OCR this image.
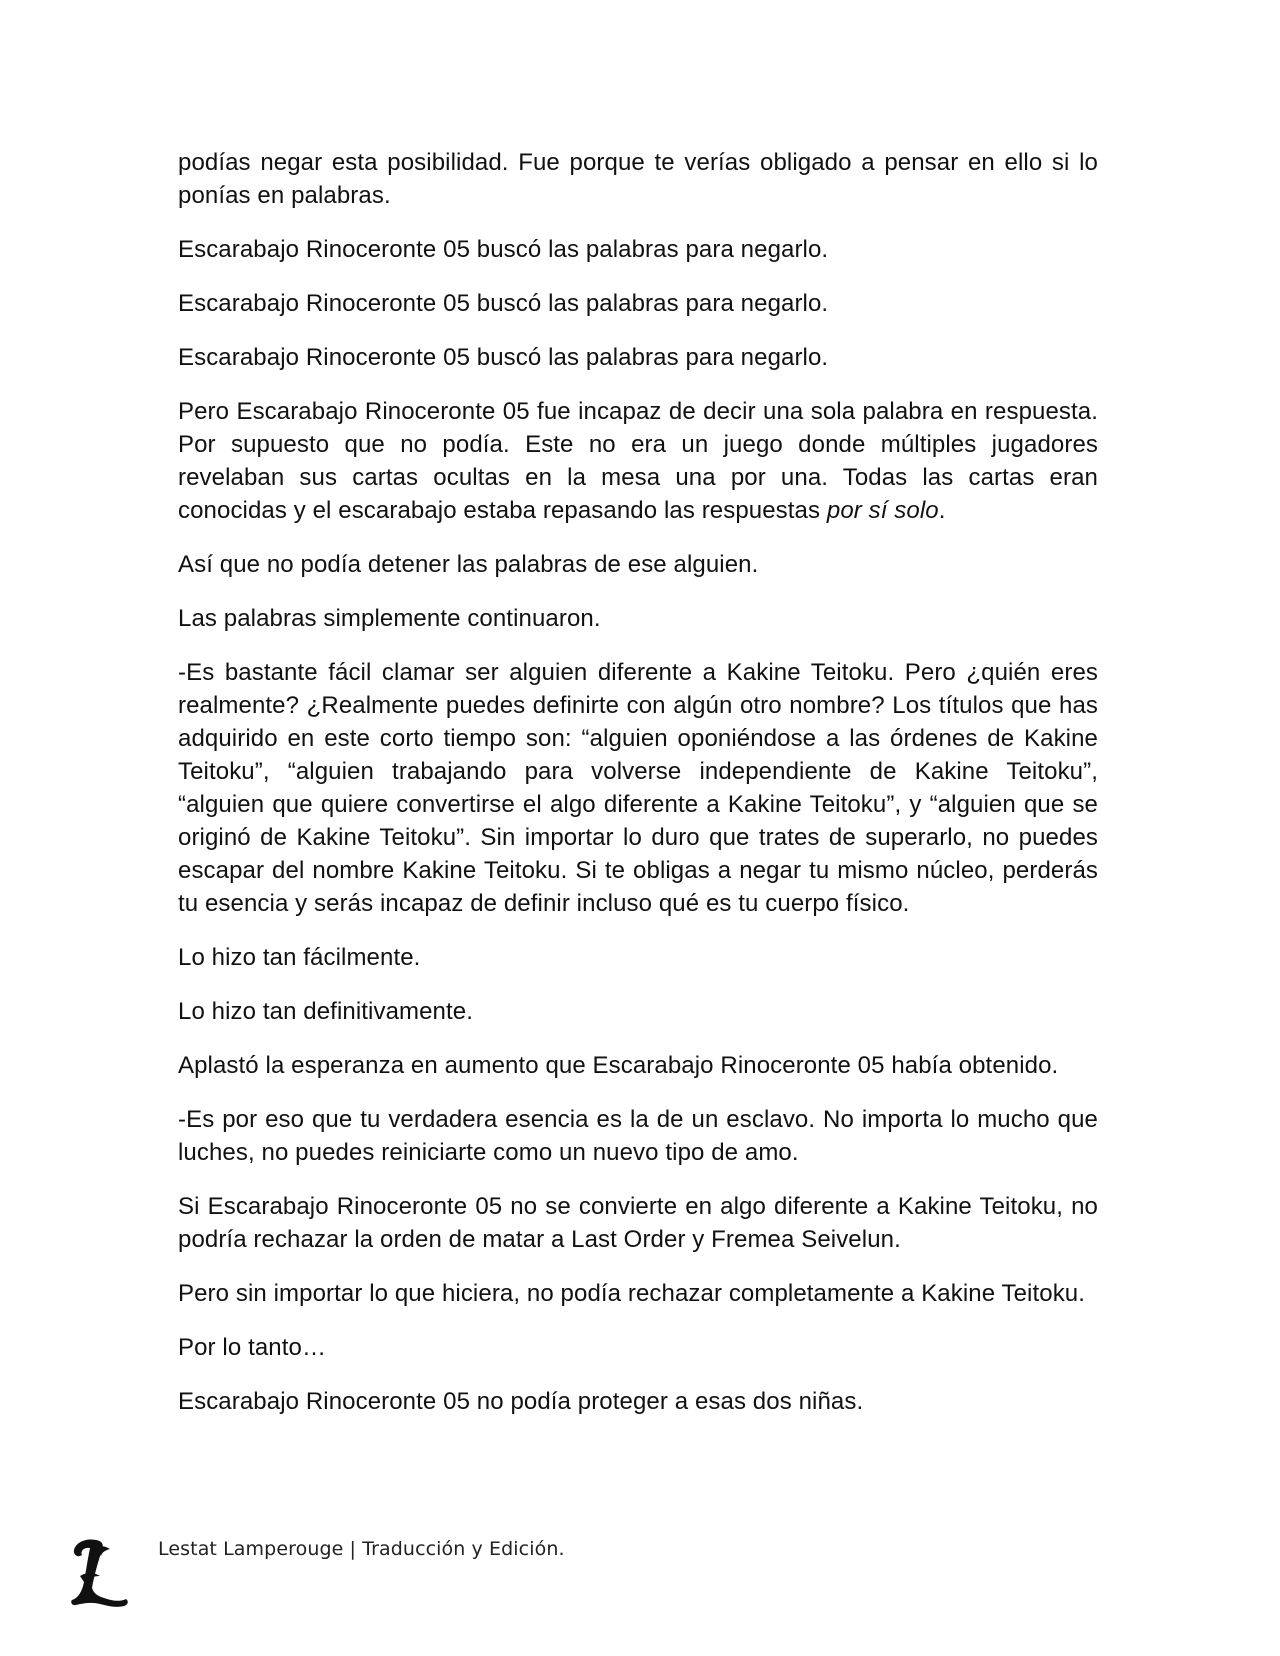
podías negar esta posibilidad. Fue porque te verías obligado a pensar en ello si lo ponías en palabras.

Escarabajo Rinoceronte 05 buscó las palabras para negarlo.

Escarabajo Rinoceronte 05 buscó las palabras para negarlo.

Escarabajo Rinoceronte 05 buscó las palabras para negarlo.

Pero Escarabajo Rinoceronte 05 fue incapaz de decir una sola palabra en respuesta. Por supuesto que no podía. Este no era un juego donde múltiples jugadores revelaban sus cartas ocultas en la mesa una por una. Todas las cartas eran conocidas y el escarabajo estaba repasando las respuestas por sí solo.

Así que no podía detener las palabras de ese alguien.

Las palabras simplemente continuaron.

-Es bastante fácil clamar ser alguien diferente a Kakine Teitoku. Pero ¿quién eres realmente? ¿Realmente puedes definirte con algún otro nombre? Los títulos que has adquirido en este corto tiempo son: “alguien oponiéndose a las órdenes de Kakine Teitoku”, “alguien trabajando para volverse independiente de Kakine Teitoku”, “alguien que quiere convertirse el algo diferente a Kakine Teitoku”, y “alguien que se originó de Kakine Teitoku”. Sin importar lo duro que trates de superarlo, no puedes escapar del nombre Kakine Teitoku. Si te obligas a negar tu mismo núcleo, perderás tu esencia y serás incapaz de definir incluso qué es tu cuerpo físico.

Lo hizo tan fácilmente.

Lo hizo tan definitivamente.

Aplastó la esperanza en aumento que Escarabajo Rinoceronte 05 había obtenido.

-Es por eso que tu verdadera esencia es la de un esclavo. No importa lo mucho que luches, no puedes reiniciarte como un nuevo tipo de amo.

Si Escarabajo Rinoceronte 05 no se convierte en algo diferente a Kakine Teitoku, no podría rechazar la orden de matar a Last Order y Fremea Seivelun.

Pero sin importar lo que hiciera, no podía rechazar completamente a Kakine Teitoku.

Por lo tanto…

Escarabajo Rinoceronte 05 no podía proteger a esas dos niñas.

Lestat Lamperouge | Traducción y Edición.
